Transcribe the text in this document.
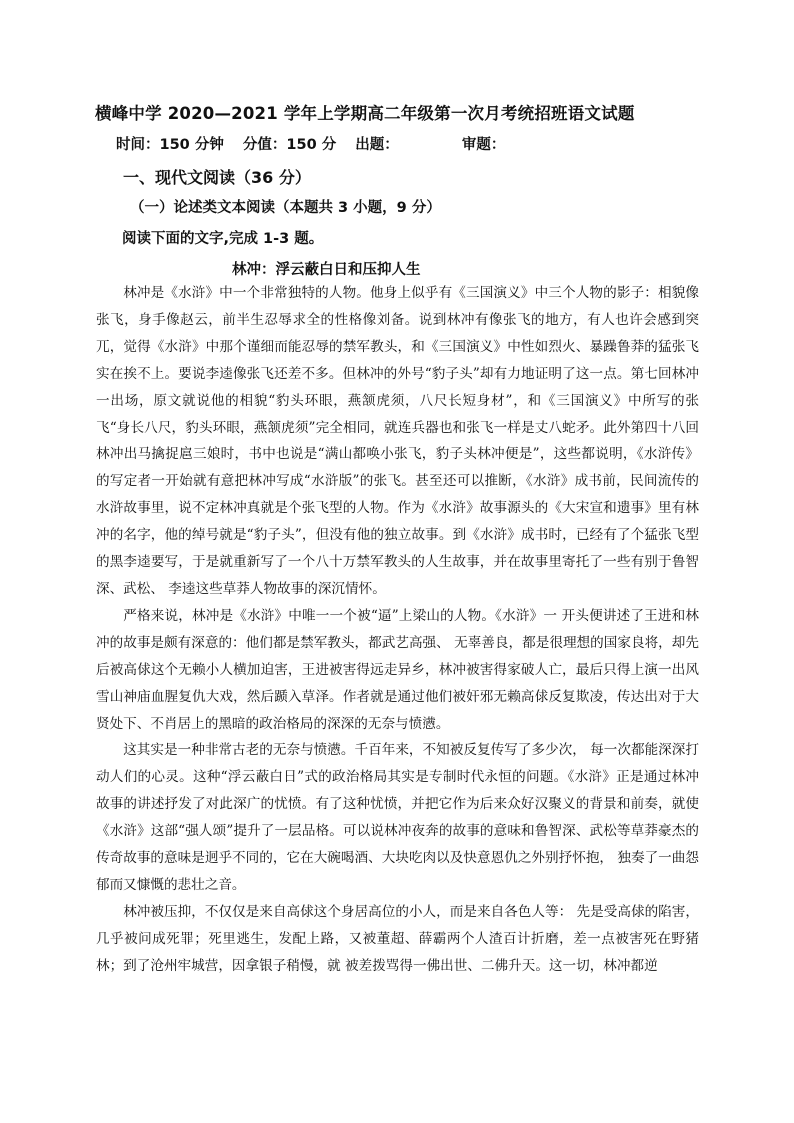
横峰中学 2020—2021 学年上学期高二年级第一次月考统招班语文试题
时间：150 分钟 分值：150 分 出题：	审题：
一、现代文阅读（36 分）
（一）论述类文本阅读（本题共 3 小题，9 分）
阅读下面的文字,完成 1-3 题。
林冲：浮云蔽白日和压抑人生

林冲是《水浒》中一个非常独特的人物。他身上似乎有《三国演义》中三个人物的影子：相貌像张飞，身手像赵云，前半生忍辱求全的性格像刘备。说到林冲有像张飞的地方，有人也许会感到突兀，觉得《水浒》中那个谨细而能忍辱的禁军教头，和《三国演义》中性如烈火、暴躁鲁莽的猛张飞实在挨不上。要说李逵像张飞还差不多。但林冲的外号“豹子头”却有力地证明了这一点。第七回林冲一出场，原文就说他的相貌“豹头环眼，燕颔虎须，八尺长短身材”，和《三国演义》中所写的张飞“身长八尺，豹头环眼，燕颔虎须”完全相同，就连兵器也和张飞一样是丈八蛇矛。此外第四十八回林冲出马擒捉扈三娘时，书中也说是“满山都唤小张飞，豹子头林冲便是”，这些都说明，《水浒传》的写定者一开始就有意把林冲写成“水浒版”的张飞。甚至还可以推断，《水浒》成书前，民间流传的水浒故事里，说不定林冲真就是个张飞型的人物。作为《水浒》故事源头的《大宋宣和遗事》里有林冲的名字，他的绰号就是“豹子头”，但没有他的独立故事。到《水浒》成书时，已经有了个猛张飞型的黑李逵要写，于是就重新写了一个八十万禁军教头的人生故事，并在故事里寄托了一些有别于鲁智深、武松、 李逵这些草莽人物故事的深沉情怀。

严格来说，林冲是《水浒》中唯一一个被“逼”上梁山的人物。《水浒》一 开头便讲述了王进和林冲的故事是颇有深意的：他们都是禁军教头，都武艺高强、 无辜善良，都是很理想的国家良将，却先后被高俅这个无赖小人横加迫害，王进被害得远走异乡，林冲被害得家破人亡，最后只得上演一出风雪山神庙血腥复仇大戏，然后踬入草泽。作者就是通过他们被奸邪无赖高俅反复欺凌，传达出对于大贤处下、不肖居上的黑暗的政治格局的深深的无奈与愤懑。

这其实是一种非常古老的无奈与愤懑。千百年来，不知被反复传写了多少次， 每一次都能深深打动人们的心灵。这种“浮云蔽白日”式的政治格局其实是专制时代永恒的问题。《水浒》正是通过林冲故事的讲述抒发了对此深广的忧愤。有了这种忧愤，并把它作为后来众好汉聚义的背景和前奏，就使《水浒》这部“强人颂”提升了一层品格。可以说林冲夜奔的故事的意味和鲁智深、武松等草莽豪杰的传奇故事的意味是迥乎不同的，它在大碗喝酒、大块吃肉以及快意恩仇之外别抒怀抱， 独奏了一曲怨郁而又慷慨的悲壮之音。

林冲被压抑，不仅仅是来自高俅这个身居高位的小人，而是来自各色人等： 先是受高俅的陷害，几乎被问成死罪；死里逃生，发配上路，又被董超、薛霸两个人渣百计折磨，差一点被害死在野猪林；到了沧州牢城营，因拿银子稍慢，就 被差拨骂得一佛出世、二佛升天。这一切，林冲都逆
